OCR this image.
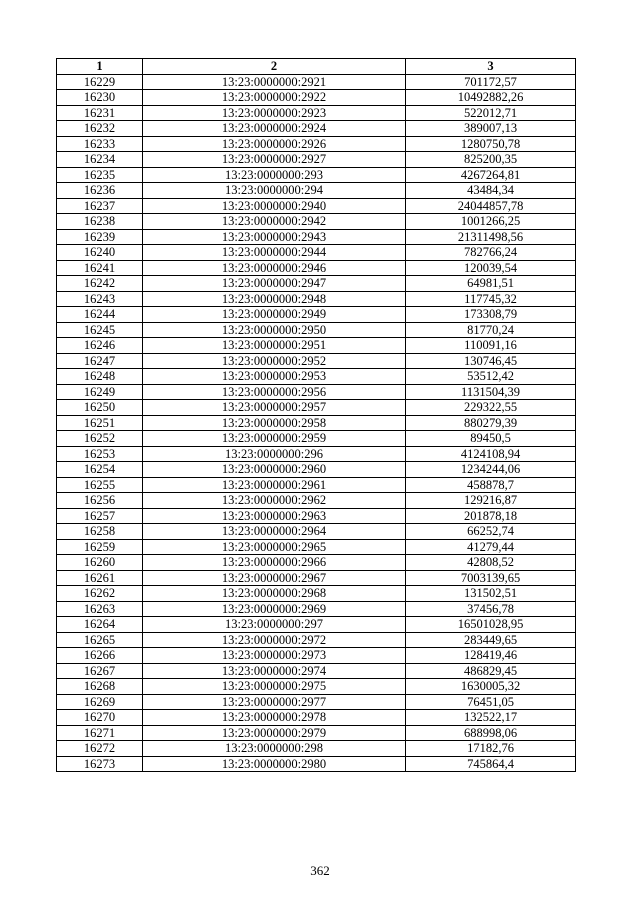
1	2	3
16229	13:23:0000000:2921	701172,57
16230	13:23:0000000:2922	10492882,26
16231	13:23:0000000:2923	522012,71
16232	13:23:0000000:2924	389007,13
16233	13:23:0000000:2926	1280750,78
16234	13:23:0000000:2927	825200,35
16235	13:23:0000000:293	4267264,81
16236	13:23:0000000:294	43484,34
16237	13:23:0000000:2940	24044857,78
16238	13:23:0000000:2942	1001266,25
16239	13:23:0000000:2943	21311498,56
16240	13:23:0000000:2944	782766,24
16241	13:23:0000000:2946	120039,54
16242	13:23:0000000:2947	64981,51
16243	13:23:0000000:2948	117745,32
16244	13:23:0000000:2949	173308,79
16245	13:23:0000000:2950	81770,24
16246	13:23:0000000:2951	110091,16
16247	13:23:0000000:2952	130746,45
16248	13:23:0000000:2953	53512,42
16249	13:23:0000000:2956	1131504,39
16250	13:23:0000000:2957	229322,55
16251	13:23:0000000:2958	880279,39
16252	13:23:0000000:2959	89450,5
16253	13:23:0000000:296	4124108,94
16254	13:23:0000000:2960	1234244,06
16255	13:23:0000000:2961	458878,7
16256	13:23:0000000:2962	129216,87
16257	13:23:0000000:2963	201878,18
16258	13:23:0000000:2964	66252,74
16259	13:23:0000000:2965	41279,44
16260	13:23:0000000:2966	42808,52
16261	13:23:0000000:2967	7003139,65
16262	13:23:0000000:2968	131502,51
16263	13:23:0000000:2969	37456,78
16264	13:23:0000000:297	16501028,95
16265	13:23:0000000:2972	283449,65
16266	13:23:0000000:2973	128419,46
16267	13:23:0000000:2974	486829,45
16268	13:23:0000000:2975	1630005,32
16269	13:23:0000000:2977	76451,05
16270	13:23:0000000:2978	132522,17
16271	13:23:0000000:2979	688998,06
16272	13:23:0000000:298	17182,76
16273	13:23:0000000:2980	745864,4
362
